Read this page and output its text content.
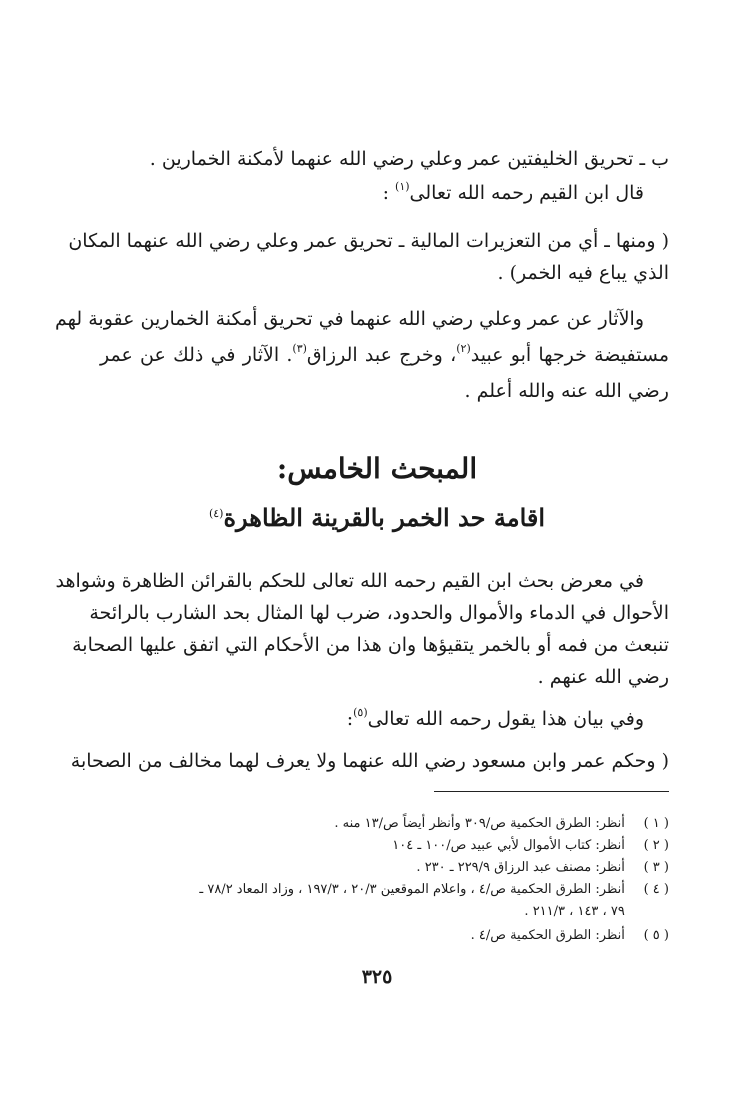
ب ـ تحريق الخليفتين عمر وعلي رضي الله عنهما لأمكنة الخمارين .
قال ابن القيم رحمه الله تعالى$^{(١)}$ :
( ومنها ـ أي من التعزيرات المالية ـ تحريق عمر وعلي رضي الله عنهما المكان
الذي يباع فيه الخمر) .
والآثار عن عمر وعلي رضي الله عنهما في تحريق أمكنة الخمارين عقوبة لهم
مستفيضة خرجها أبو عبيد$^{(٢)}$، وخرج عبد الرزاق$^{(٣)}$. الآثار في ذلك عن عمر
رضي الله عنه والله أعلم .
المبحث الخامس:
اقامة حد الخمر بالقرينة الظاهرة$^{(٤)}$
في معرض بحث ابن القيم رحمه الله تعالى للحكم بالقرائن الظاهرة وشواهد
الأحوال في الدماء والأموال والحدود، ضرب لها المثال بحد الشارب بالرائحة
تنبعث من فمه أو بالخمر يتقيؤها وان هذا من الأحكام التي اتفق عليها الصحابة
رضي الله عنهم .
وفي بيان هذا يقول رحمه الله تعالى$^{(٥)}$:
( وحكم عمر وابن مسعود رضي الله عنهما ولا يعرف لهما مخالف من الصحابة
( ١ ) أنظر: الطرق الحكمية ص/٣٠٩ وأنظر أيضاً ص/١٣ منه .
( ٢ ) أنظر: كتاب الأموال لأبي عبيد ص/١٠٠ ـ ١٠٤
( ٣ ) أنظر: مصنف عبد الرزاق ٢٢٩/٩ ـ ٢٣٠ .
( ٤ ) أنظر: الطرق الحكمية ص/٤ ، واعلام الموقعين ٢٠/٣ ، ١٩٧/٣ ، وزاد المعاد ٧٨/٢ ـ
٧٩ ، ١٤٣ ، ٢١١/٣ .
( ٥ ) أنظر: الطرق الحكمية ص/٤ .
٣٢٥
